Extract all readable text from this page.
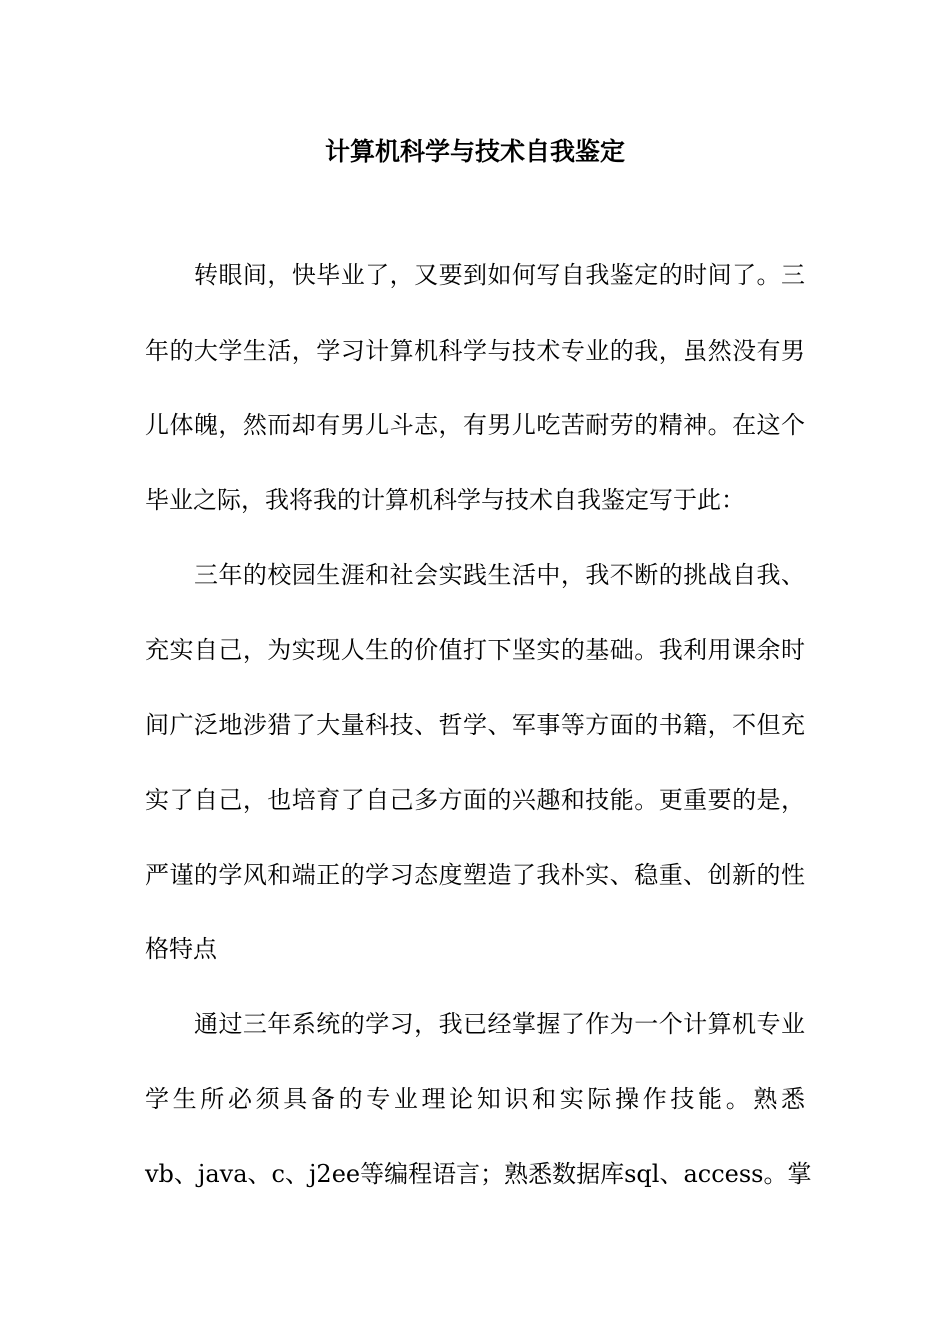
计算机科学与技术自我鉴定
转眼间，快毕业了，又要到如何写自我鉴定的时间了。三
年的大学生活，学习计算机科学与技术专业的我，虽然没有男
儿体魄，然而却有男儿斗志，有男儿吃苦耐劳的精神。在这个
毕业之际，我将我的计算机科学与技术自我鉴定写于此：
三年的校园生涯和社会实践生活中，我不断的挑战自我、
充实自己，为实现人生的价值打下坚实的基础。我利用课余时
间广泛地涉猎了大量科技、哲学、军事等方面的书籍，不但充
实了自己，也培育了自己多方面的兴趣和技能。更重要的是，
严谨的学风和端正的学习态度塑造了我朴实、稳重、创新的性
格特点
通过三年系统的学习，我已经掌握了作为一个计算机专业
学生所必须具备的专业理论知识和实际操作技能。熟悉
vb、java、c、j2ee等编程语言；熟悉数据库sql、access。掌
